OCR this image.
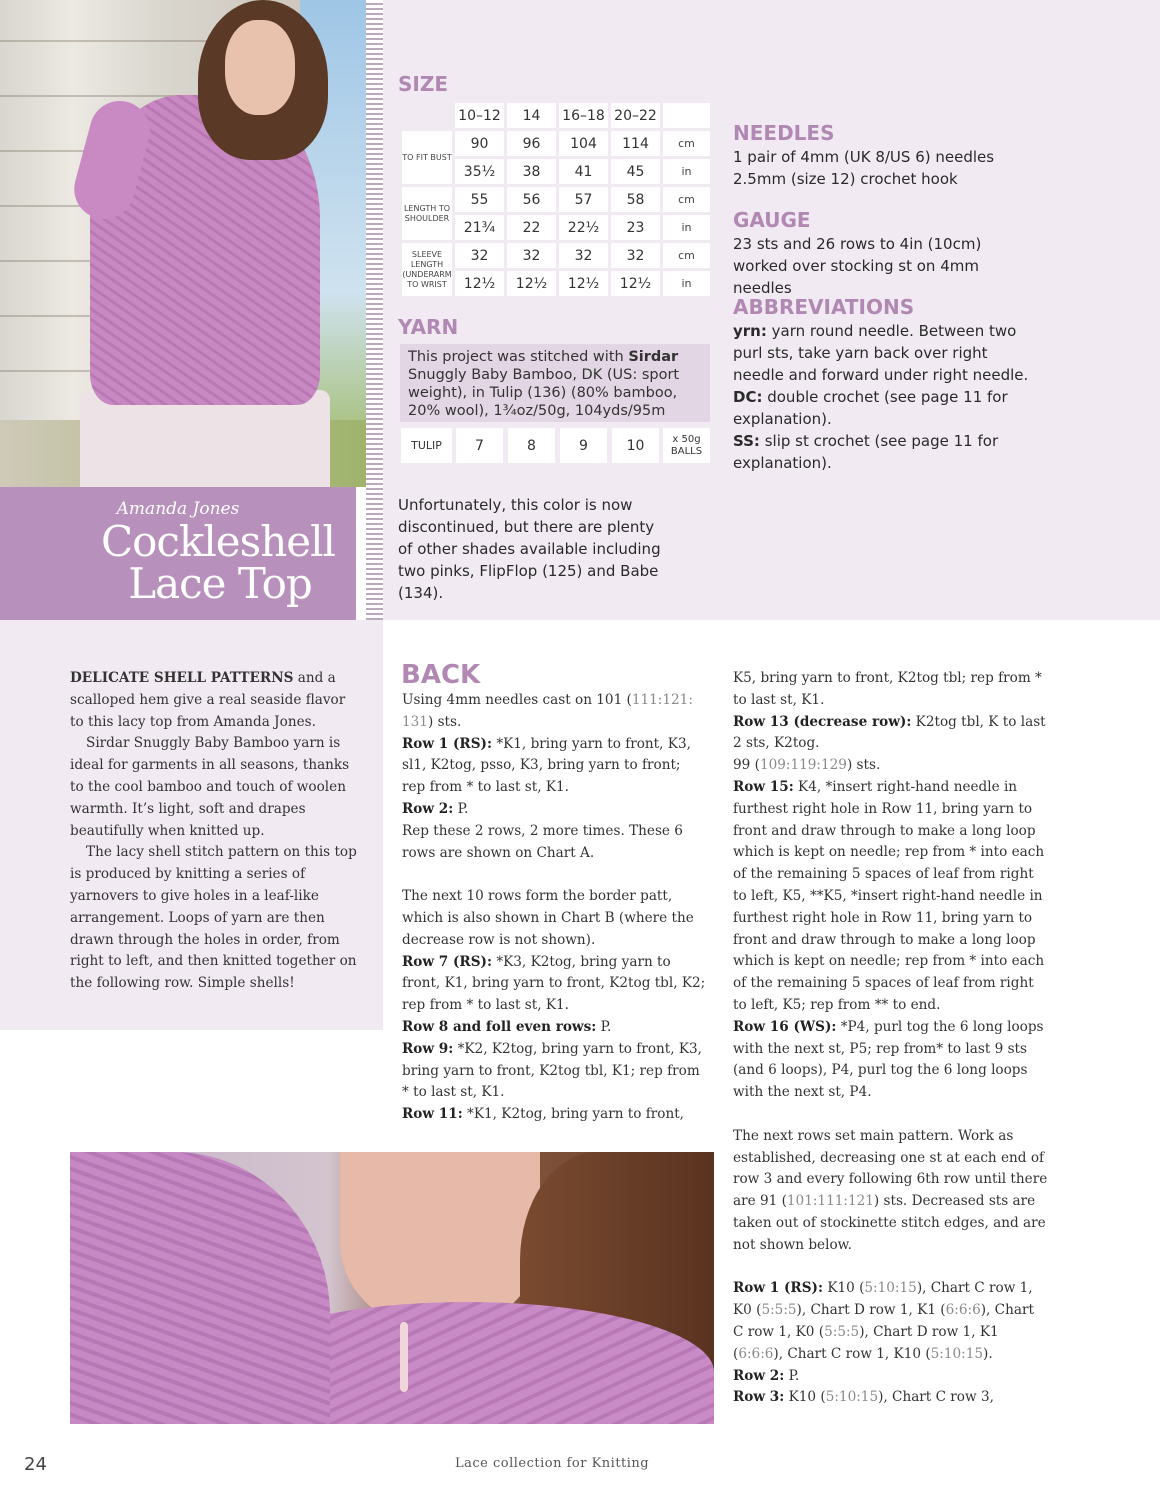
Amanda Jones
Cockleshell
Lace Top
SIZE
10–12	14	16–18 20–22
TO FIT BUST
90	96	104	114	cm
35½	38	41	45	in
LENGTH TO SHOULDER
55	56	57	58	cm
21¾	22	22½	23	in
SLEEVE LENGTH (UNDERARM TO WRIST
32	32	32	32	cm
12½	12½	12½	12½	in
YARN
This project was stitched with Sirdar Snuggly Baby Bamboo, DK (US: sport weight), in Tulip (136) (80% bamboo, 20% wool), 1¾oz/50g, 104yds/95m
TULIP	7	8	9	10	x 50g BALLS
Unfortunately, this color is now discontinued, but there are plenty of other shades available including two pinks, FlipFlop (125) and Babe (134).
NEEDLES
1 pair of 4mm (UK 8/US 6) needles
2.5mm (size 12) crochet hook
GAUGE
23 sts and 26 rows to 4in (10cm) worked over stocking st on 4mm needles
ABBREVIATIONS
yrn: yarn round needle. Between two purl sts, take yarn back over right needle and forward under right needle.
DC: double crochet (see page 11 for explanation).
SS: slip st crochet (see page 11 for explanation).

DELICATE SHELL PATTERNS and a scalloped hem give a real seaside flavor to this lacy top from Amanda Jones.

Sirdar Snuggly Baby Bamboo yarn is ideal for garments in all seasons, thanks to the cool bamboo and touch of woolen warmth. It’s light, soft and drapes beautifully when knitted up.

The lacy shell stitch pattern on this top is produced by knitting a series of yarnovers to give holes in a leaf-like arrangement. Loops of yarn are then drawn through the holes in order, from right to left, and then knitted together on the following row. Simple shells!

BACK

Using 4mm needles cast on 101 (111:121: 131) sts.

Row 1 (RS): *K1, bring yarn to front, K3, sl1, K2tog, psso, K3, bring yarn to front; rep from * to last st, K1.

Row 2: P.

Rep these 2 rows, 2 more times. These 6 rows are shown on Chart A.

The next 10 rows form the border patt, which is also shown in Chart B (where the decrease row is not shown).

Row 7 (RS): *K3, K2tog, bring yarn to front, K1, bring yarn to front, K2tog tbl, K2; rep from * to last st, K1.

Row 8 and foll even rows: P.

Row 9: *K2, K2tog, bring yarn to front, K3, bring yarn to front, K2tog tbl, K1; rep from * to last st, K1.

Row 11: *K1, K2tog, bring yarn to front,

K5, bring yarn to front, K2tog tbl; rep from * to last st, K1.

Row 13 (decrease row): K2tog tbl, K to last 2 sts, K2tog.

99 (109:119:129) sts.

Row 15: K4, *insert right-hand needle in furthest right hole in Row 11, bring yarn to front and draw through to make a long loop which is kept on needle; rep from * into each of the remaining 5 spaces of leaf from right to left, K5, **K5, *insert right-hand needle in furthest right hole in Row 11, bring yarn to front and draw through to make a long loop which is kept on needle; rep from * into each of the remaining 5 spaces of leaf from right to left, K5; rep from ** to end.

Row 16 (WS): *P4, purl tog the 6 long loops with the next st, P5; rep from* to last 9 sts (and 6 loops), P4, purl tog the 6 long loops with the next st, P4.

The next rows set main pattern. Work as established, decreasing one st at each end of row 3 and every following 6th row until there are 91 (101:111:121) sts. Decreased sts are taken out of stockinette stitch edges, and are not shown below.

Row 1 (RS): K10 (5:10:15), Chart C row 1, K0 (5:5:5), Chart D row 1, K1 (6:6:6), Chart C row 1, K0 (5:5:5), Chart D row 1, K1 (6:6:6), Chart C row 1, K10 (5:10:15).

Row 2: P.

Row 3: K10 (5:10:15), Chart C row 3,

24	Lace collection for Knitting
